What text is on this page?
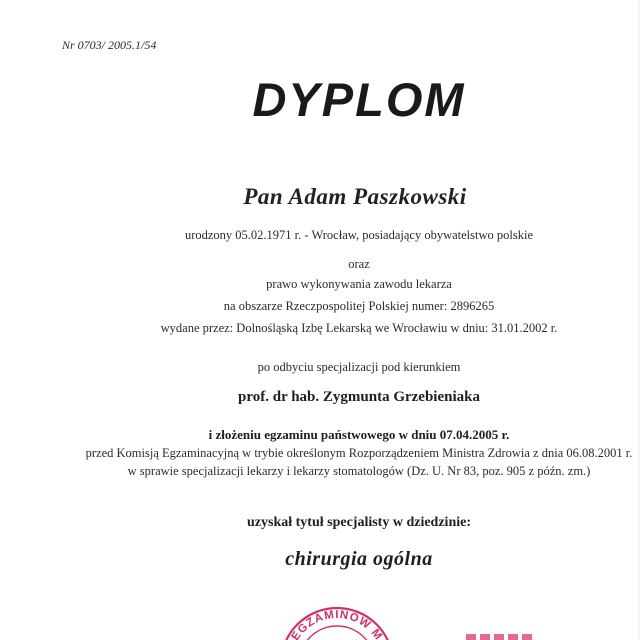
Nr 0703/ 2005.1/54
DYPLOM
Pan Adam Paszkowski
urodzony 05.02.1971 r. - Wrocław, posiadający obywatelstwo polskie
oraz
prawo wykonywania zawodu lekarza
na obszarze Rzeczpospolitej Polskiej numer: 2896265
wydane przez: Dolnośląską Izbę Lekarską we Wrocławiu w dniu: 31.01.2002 r.
po odbyciu specjalizacji pod kierunkiem
prof. dr hab. Zygmunta Grzebieniaka
i złożeniu egzaminu państwowego w dniu 07.04.2005 r.
przed Komisją Egzaminacyjną w trybie określonym Rozporządzeniem Ministra Zdrowia z dnia 06.08.2001 r.
w sprawie specjalizacji lekarzy i lekarzy stomatologów (Dz. U. Nr 83, poz. 905 z późn. zm.)
uzyskał tytuł specjalisty w dziedzinie:
chirurgia ogólna
EGZAMINÓW M
